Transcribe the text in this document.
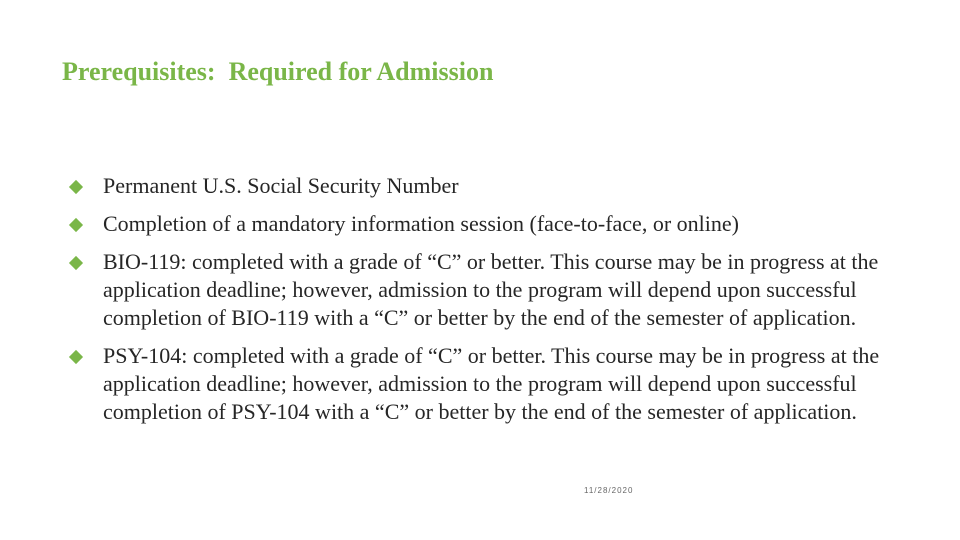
Prerequisites:  Required for Admission
Permanent U.S. Social Security Number
Completion of a mandatory information session (face-to-face, or online)
BIO-119: completed with a grade of “C” or better. This course may be in progress at the application deadline; however, admission to the program will depend upon successful completion of BIO-119 with a “C” or better by the end of the semester of application.
PSY-104: completed with a grade of “C” or better. This course may be in progress at the application deadline; however, admission to the program will depend upon successful completion of PSY-104 with a “C” or better by the end of the semester of application.
11/28/2020
